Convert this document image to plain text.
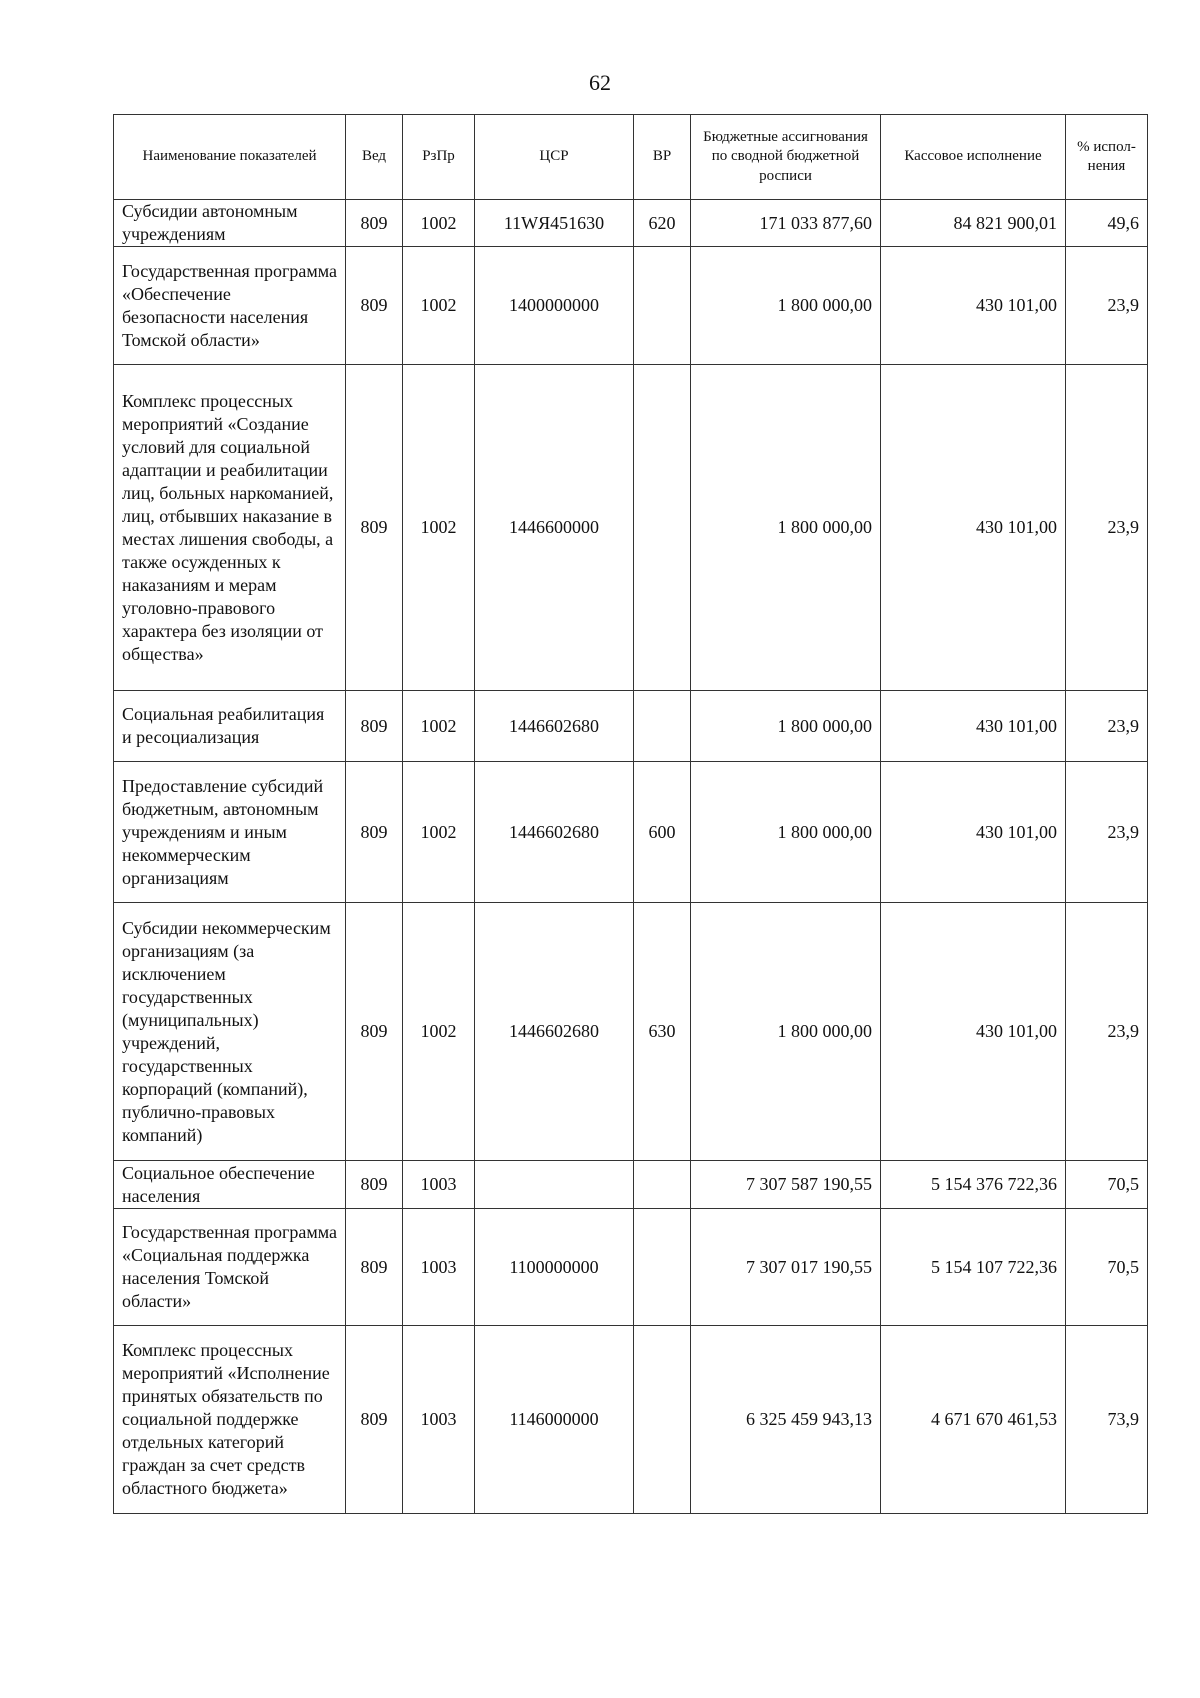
62
Наименование показателей	Вед	РзПр	ЦСР	ВР	Бюджетные ассигнования по сводной бюджетной росписи	Кассовое исполнение	% испол-нения
Субсидии автономным учреждениям	809	1002	11WЯ451630	620	171 033 877,60	84 821 900,01	49,6
Государственная программа «Обеспечение безопасности населения Томской области»	809	1002	1400000000		1 800 000,00	430 101,00	23,9
Комплекс процессных мероприятий «Создание условий для социальной адаптации и реабилитации лиц, больных наркоманией, лиц, отбывших наказание в местах лишения свободы, а также осужденных к наказаниям и мерам уголовно-правового характера без изоляции от общества»	809	1002	1446600000		1 800 000,00	430 101,00	23,9
Социальная реабилитация и ресоциализация	809	1002	1446602680		1 800 000,00	430 101,00	23,9
Предоставление субсидий бюджетным, автономным учреждениям и иным некоммерческим организациям	809	1002	1446602680	600	1 800 000,00	430 101,00	23,9
Субсидии некоммерческим организациям (за исключением государственных (муниципальных) учреждений, государственных корпораций (компаний), публично-правовых компаний)	809	1002	1446602680	630	1 800 000,00	430 101,00	23,9
Социальное обеспечение населения	809	1003			7 307 587 190,55	5 154 376 722,36	70,5
Государственная программа «Социальная поддержка населения Томской области»	809	1003	1100000000		7 307 017 190,55	5 154 107 722,36	70,5
Комплекс процессных мероприятий «Исполнение принятых обязательств по социальной поддержке отдельных категорий граждан за счет средств областного бюджета»	809	1003	1146000000		6 325 459 943,13	4 671 670 461,53	73,9
